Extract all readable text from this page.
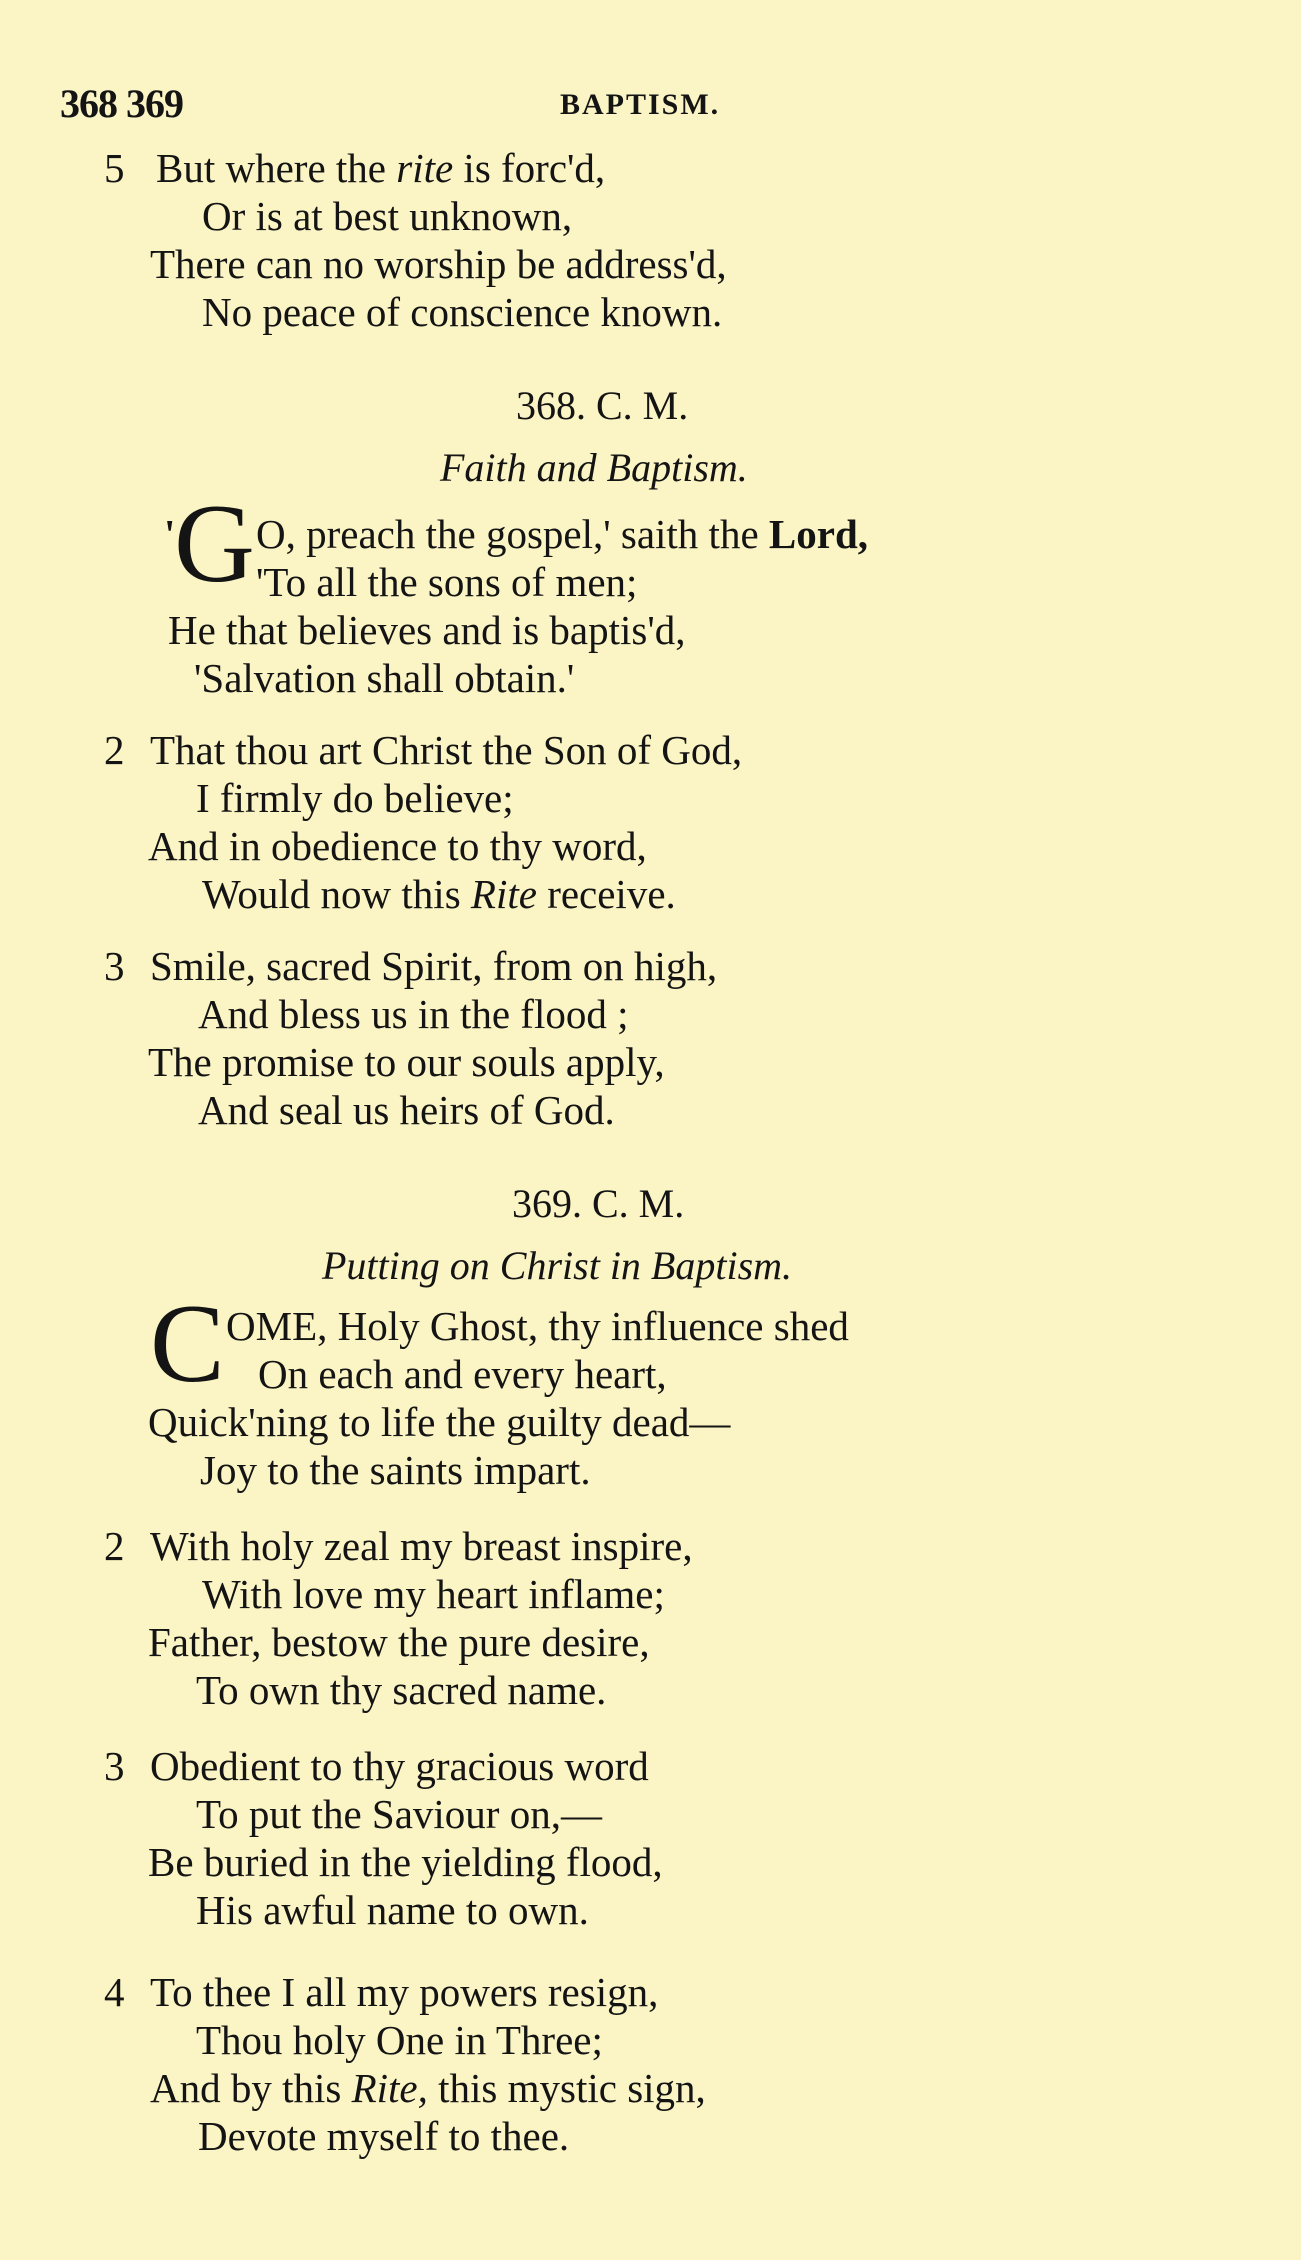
368 369	BAPTISM.
5 But where the rite is forc'd,
Or is at best unknown,
There can no worship be address'd,
No peace of conscience known.
368. C. M.
Faith and Baptism.
'
G O, preach the gospel,' saith the Lord,
'To all the sons of men;
He that believes and is baptis'd,
'Salvation shall obtain.'
2 That thou art Christ the Son of God,
I firmly do believe;
And in obedience to thy word,
Would now this Rite receive.
3 Smile, sacred Spirit, from on high,
And bless us in the flood ;
The promise to our souls apply,
And seal us heirs of God.
369. C. M.
Putting on Christ in Baptism.
C OME, Holy Ghost, thy influence shed
On each and every heart,
Quick'ning to life the guilty dead—
Joy to the saints impart.
2 With holy zeal my breast inspire,
With love my heart inflame;
Father, bestow the pure desire,
To own thy sacred name.
3 Obedient to thy gracious word
To put the Saviour on,—
Be buried in the yielding flood,
His awful name to own.
4 To thee I all my powers resign,
Thou holy One in Three;
And by this Rite, this mystic sign,
Devote myself to thee.
